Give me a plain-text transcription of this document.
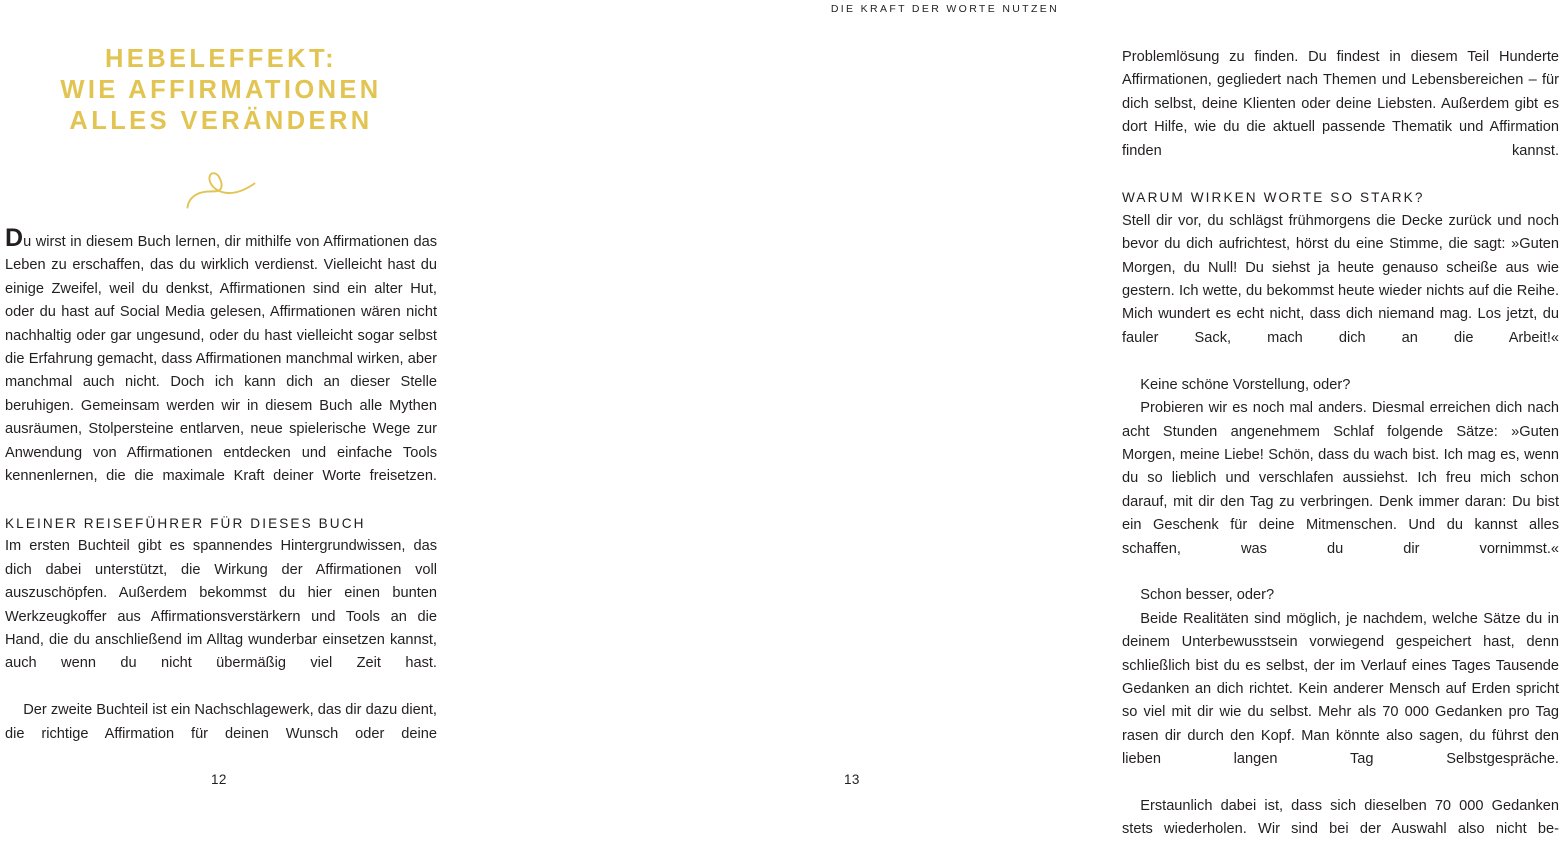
HEBELEFFEKT:
WIE AFFIRMATIONEN
ALLES VERÄNDERN

Du wirst in diesem Buch lernen, dir mithilfe von Affirmationen das Leben zu erschaffen, das du wirklich verdienst. Vielleicht hast du einige Zweifel, weil du denkst, Affirmationen sind ein alter Hut, oder du hast auf Social Media gelesen, Affirmationen wären nicht nachhaltig oder gar ungesund, oder du hast vielleicht sogar selbst die Erfahrung gemacht, dass Affirmationen manchmal wirken, aber manchmal auch nicht. Doch ich kann dich an dieser Stelle beruhigen. Gemeinsam werden wir in diesem Buch alle Mythen ausräumen, Stolpersteine entlarven, neue spielerische Wege zur Anwendung von Affirmationen entdecken und einfache Tools kennenlernen, die die maximale Kraft deiner Worte freisetzen.

KLEINER REISEFÜHRER FÜR DIESES BUCH

Im ersten Buchteil gibt es spannendes Hintergrundwissen, das dich dabei unterstützt, die Wirkung der Affirmationen voll auszuschöpfen. Außerdem bekommst du hier einen bunten Werkzeugkoffer aus Affirmationsverstärkern und Tools an die Hand, die du anschließend im Alltag wunderbar einsetzen kannst, auch wenn du nicht übermäßig viel Zeit hast.

Der zweite Buchteil ist ein Nachschlagewerk, das dir dazu dient, die richtige Affirmation für deinen Wunsch oder deine

12
DIE KRAFT DER WORTE NUTZEN

Problemlösung zu finden. Du findest in diesem Teil Hunderte Affirmationen, gegliedert nach Themen und Lebensbereichen – für dich selbst, deine Klienten oder deine Liebsten. Außerdem gibt es dort Hilfe, wie du die aktuell passende Thematik und Affirmation finden kannst.

WARUM WIRKEN WORTE SO STARK?

Stell dir vor, du schlägst frühmorgens die Decke zurück und noch bevor du dich aufrichtest, hörst du eine Stimme, die sagt: »Guten Morgen, du Null! Du siehst ja heute genauso scheiße aus wie gestern. Ich wette, du bekommst heute wieder nichts auf die Reihe. Mich wundert es echt nicht, dass dich niemand mag. Los jetzt, du fauler Sack, mach dich an die Arbeit!«

Keine schöne Vorstellung, oder?

Probieren wir es noch mal anders. Diesmal erreichen dich nach acht Stunden angenehmem Schlaf folgende Sätze: »Guten Morgen, meine Liebe! Schön, dass du wach bist. Ich mag es, wenn du so lieblich und verschlafen aussiehst. Ich freu mich schon darauf, mit dir den Tag zu verbringen. Denk immer daran: Du bist ein Geschenk für deine Mitmenschen. Und du kannst alles schaffen, was du dir vornimmst.«

Schon besser, oder?

Beide Realitäten sind möglich, je nachdem, welche Sätze du in deinem Unterbewusstsein vorwiegend gespeichert hast, denn schließlich bist du es selbst, der im Verlauf eines Tages Tausende Gedanken an dich richtet. Kein anderer Mensch auf Erden spricht so viel mit dir wie du selbst. Mehr als 70 000 Gedanken pro Tag rasen dir durch den Kopf. Man könnte also sagen, du führst den lieben langen Tag Selbstgespräche.

Erstaunlich dabei ist, dass sich dieselben 70 000 Gedanken stets wiederholen. Wir sind bei der Auswahl also nicht be-

13
